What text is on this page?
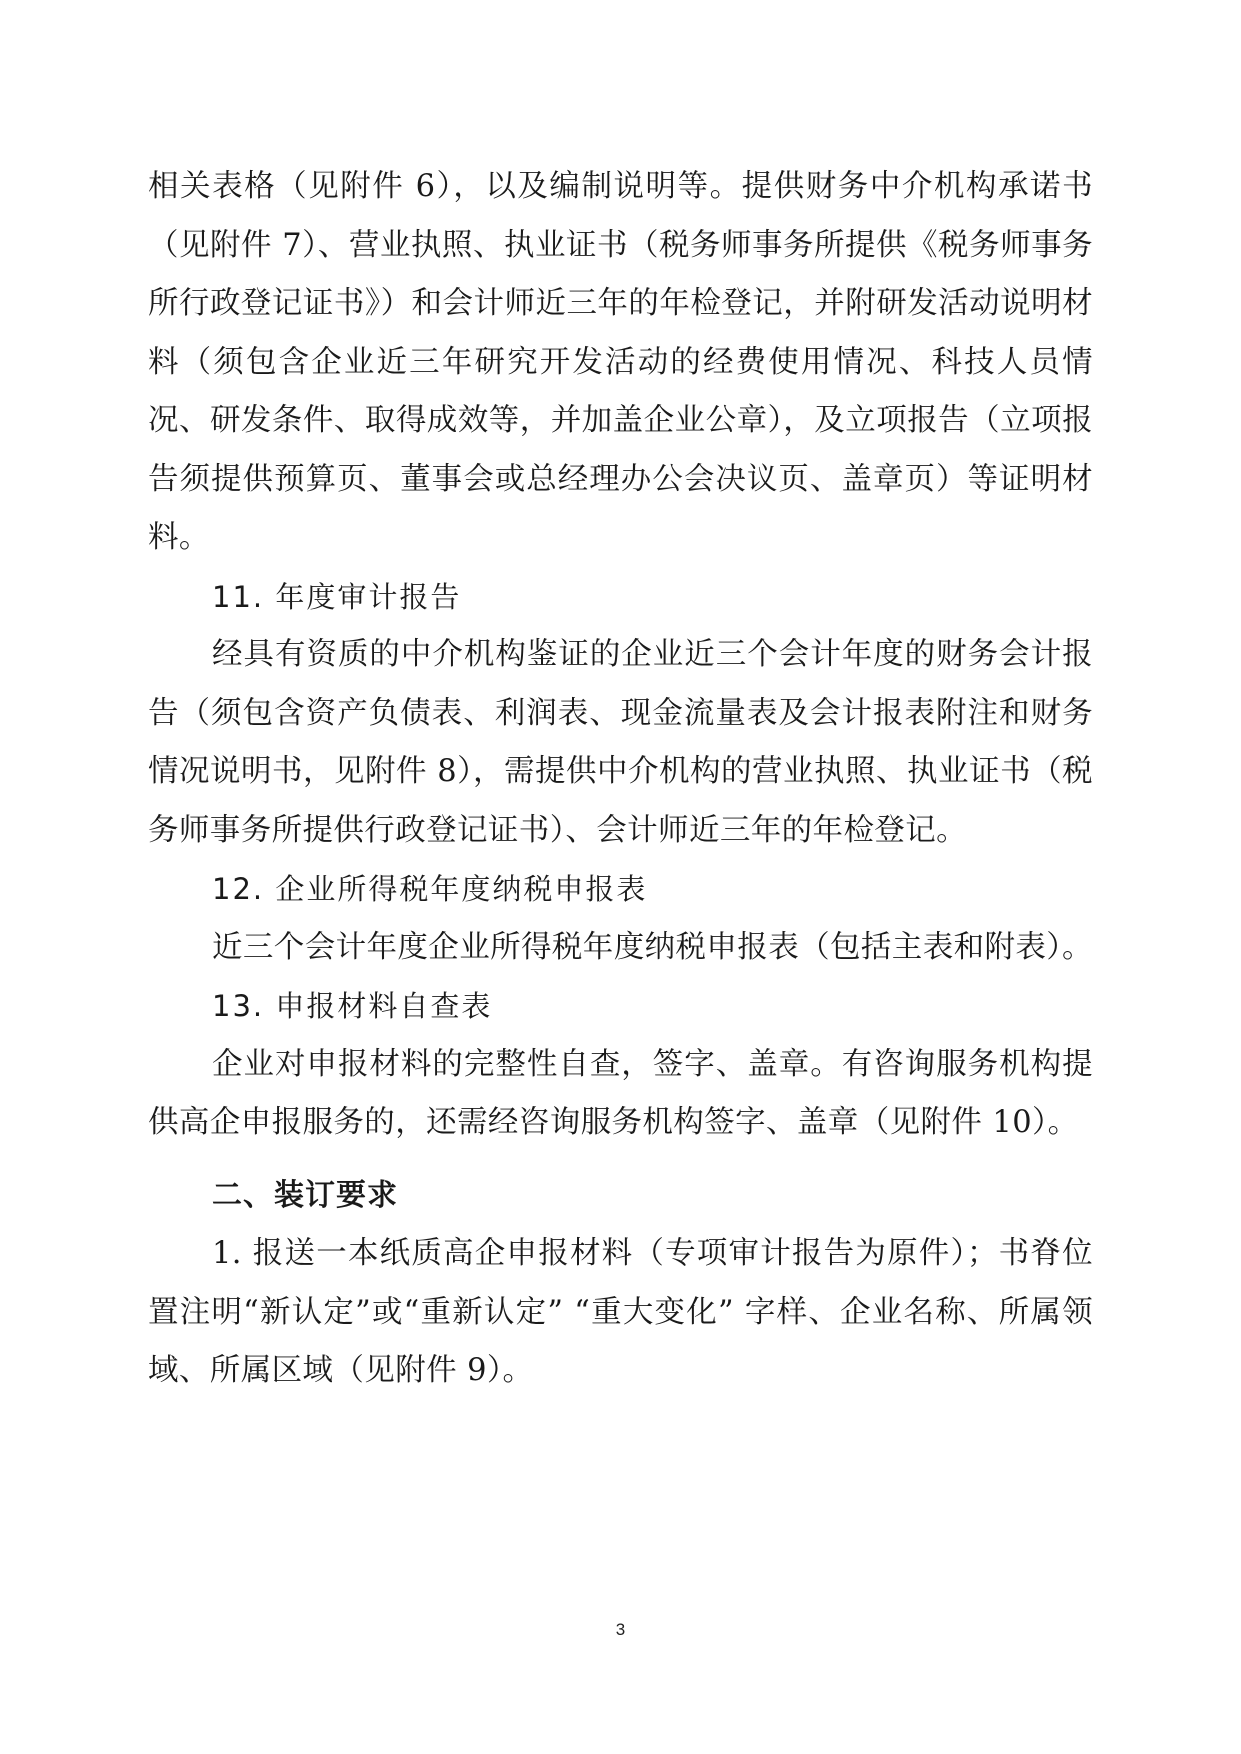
相关表格（见附件 6），以及编制说明等。提供财务中介机构承诺书（见附件 7）、营业执照、执业证书（税务师事务所提供《税务师事务所行政登记证书》）和会计师近三年的年检登记，并附研发活动说明材料（须包含企业近三年研究开发活动的经费使用情况、科技人员情况、研发条件、取得成效等，并加盖企业公章），及立项报告（立项报告须提供预算页、董事会或总经理办公会决议页、盖章页）等证明材料。

11. 年度审计报告

经具有资质的中介机构鉴证的企业近三个会计年度的财务会计报告（须包含资产负债表、利润表、现金流量表及会计报表附注和财务情况说明书，见附件 8），需提供中介机构的营业执照、执业证书（税务师事务所提供行政登记证书）、会计师近三年的年检登记。

12. 企业所得税年度纳税申报表

近三个会计年度企业所得税年度纳税申报表（包括主表和附表）。

13. 申报材料自查表

企业对申报材料的完整性自查，签字、盖章。有咨询服务机构提供高企申报服务的，还需经咨询服务机构签字、盖章（见附件 10）。

二、装订要求

1. 报送一本纸质高企申报材料（专项审计报告为原件）；书脊位置注明“新认定”或“重新认定” “重大变化” 字样、企业名称、所属领域、所属区域（见附件 9）。

3
